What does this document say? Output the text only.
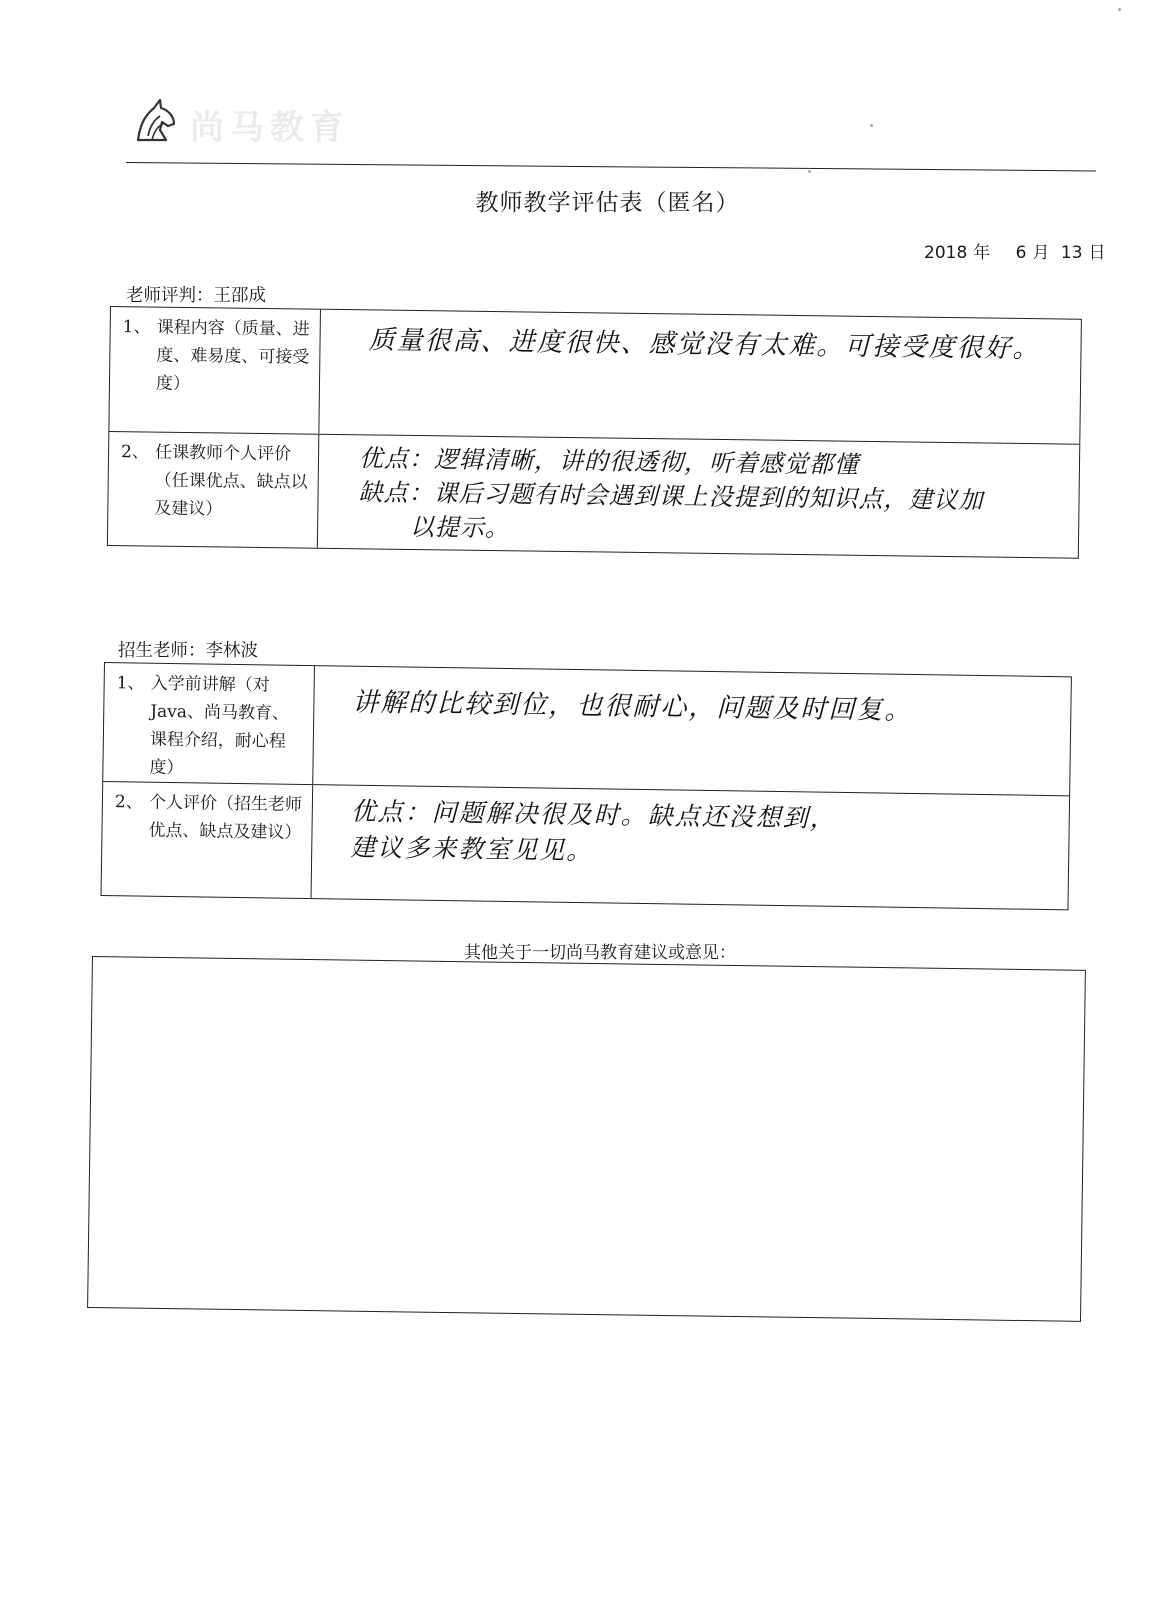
尚马教育
教师教学评估表（匿名）
2018 年 6 月 13 日
老师评判：王邵成
1、 课程内容（质量、进度、难易度、可接受度）
质量很高、进度很快、感觉没有太难。可接受度很好。
2、 任课教师个人评价（任课优点、缺点以及建议）
优点：逻辑清晰，讲的很透彻，听着感觉都懂
缺点：课后习题有时会遇到课上没提到的知识点，建议加
以提示。
招生老师：李林波
1、 入学前讲解（对Java、尚马教育、课程介绍，耐心程度）
讲解的比较到位，也很耐心，问题及时回复。
2、 个人评价（招生老师优点、缺点及建议） 优点：问题解决很及时。缺点还没想到，
建议多来教室见见。
其他关于一切尚马教育建议或意见：
